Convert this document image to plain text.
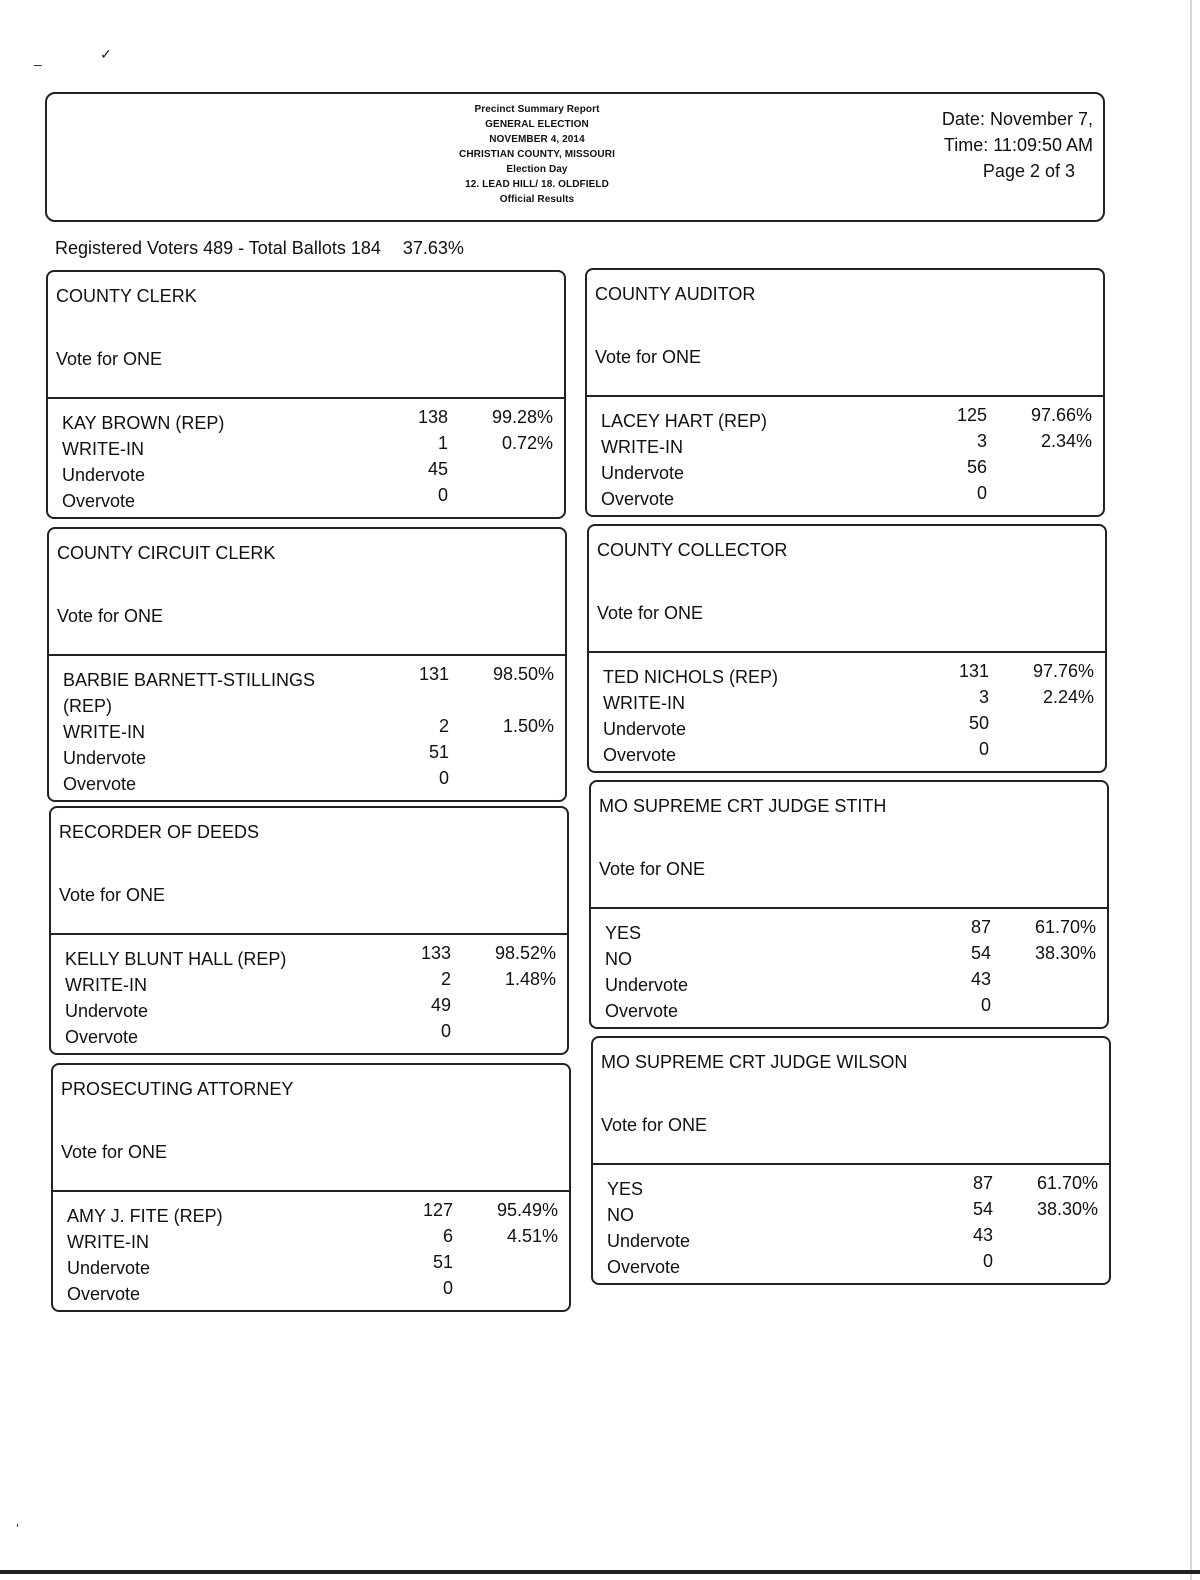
–
✓
‘
Precinct Summary Report
GENERAL ELECTION
NOVEMBER 4, 2014
CHRISTIAN COUNTY, MISSOURI
Election Day
12. LEAD HILL/ 18. OLDFIELD
Official Results
Date: November 7,
Time: 11:09:50 AM
Page 2 of 3
Registered Voters 489 - Total Ballots 184 37.63%
COUNTY CLERK
Vote for ONE
KAY BROWN (REP)	138	99.28%
WRITE-IN	1	0.72%
Undervote	45
Overvote	0
COUNTY AUDITOR
Vote for ONE
LACEY HART (REP)	125	97.66%
WRITE-IN	3	2.34%
Undervote	56
Overvote	0
COUNTY CIRCUIT CLERK
Vote for ONE
BARBIE BARNETT-STILLINGS (REP)
131	98.50%
WRITE-IN	2	1.50%
Undervote	51
Overvote	0
COUNTY COLLECTOR
Vote for ONE
TED NICHOLS (REP)	131	97.76%
WRITE-IN	3	2.24%
Undervote	50
Overvote	0
RECORDER OF DEEDS
Vote for ONE
KELLY BLUNT HALL (REP)	133	98.52%
WRITE-IN	2	1.48%
Undervote	49
Overvote	0
MO SUPREME CRT JUDGE STITH
Vote for ONE
YES	87	61.70%
NO	54	38.30%
Undervote	43
Overvote	0
PROSECUTING ATTORNEY
Vote for ONE
AMY J. FITE (REP)	127	95.49%
WRITE-IN	6	4.51%
Undervote	51
Overvote	0
MO SUPREME CRT JUDGE WILSON
Vote for ONE
YES	87	61.70%
NO	54	38.30%
Undervote	43
Overvote	0
